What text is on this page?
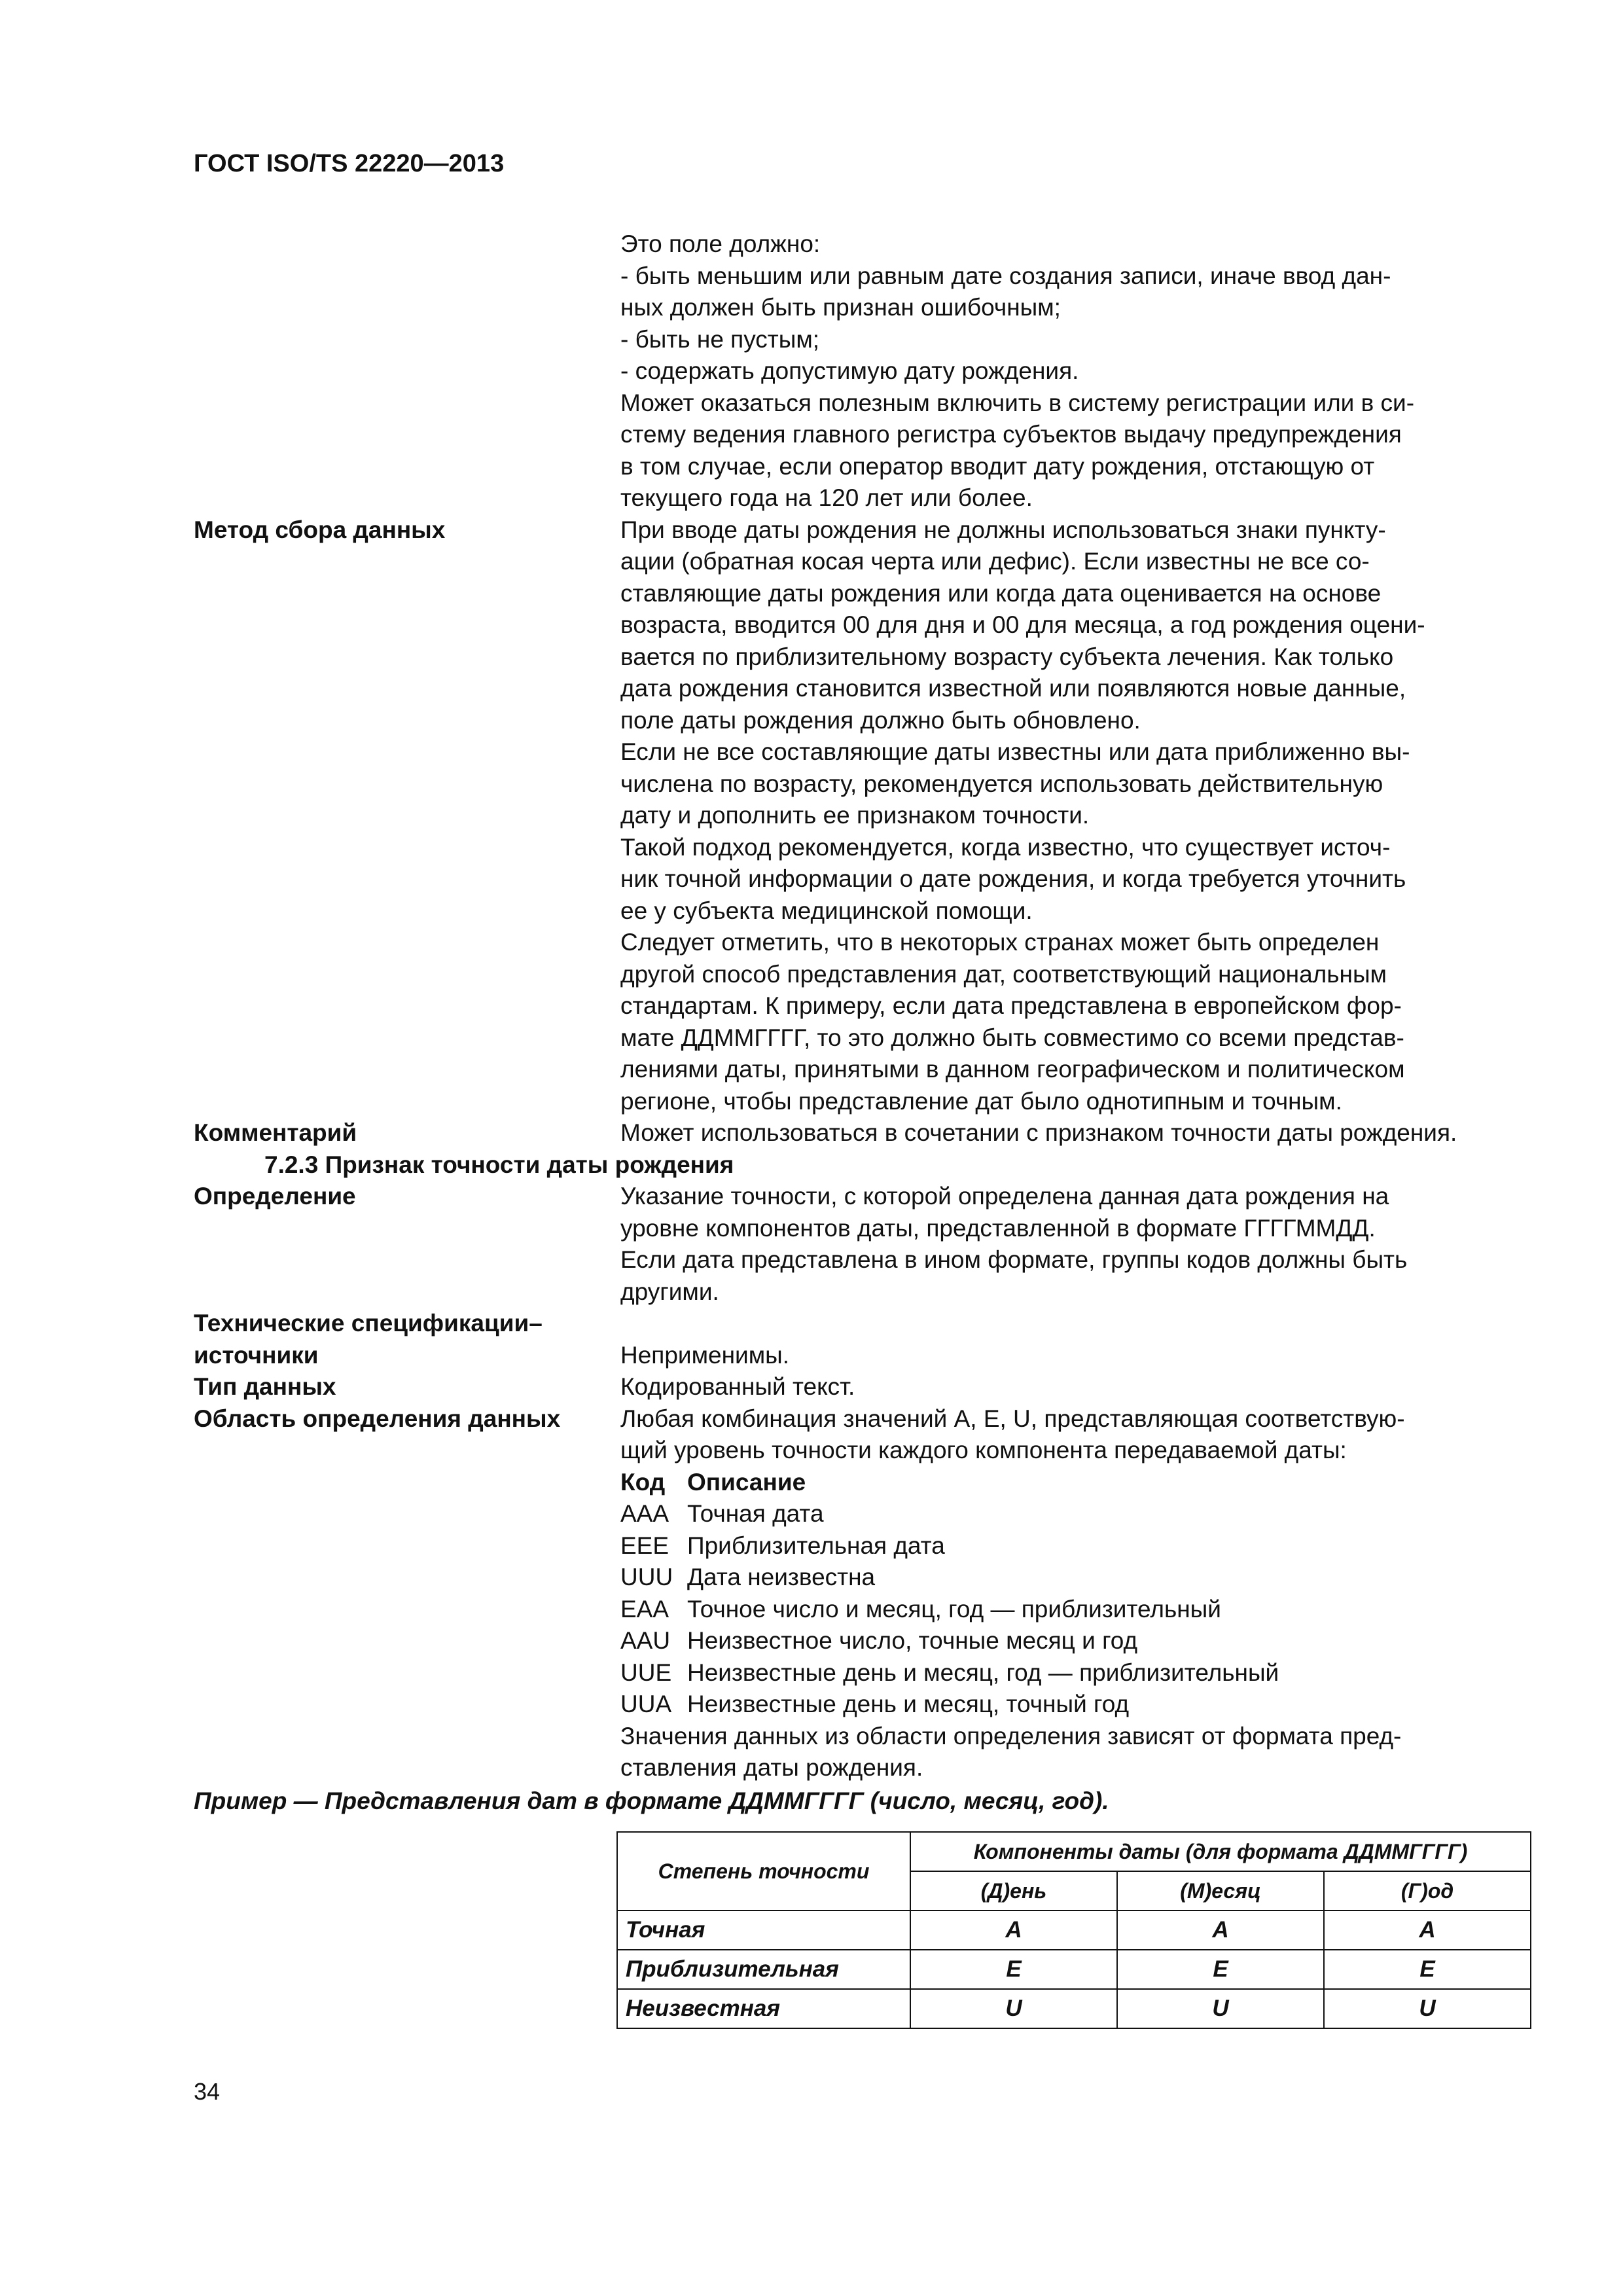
ГОСТ ISO/TS 22220—2013
Это поле должно:
- быть меньшим или равным дате создания записи, иначе ввод дан-
ных должен быть признан ошибочным;
- быть не пустым;
- содержать допустимую дату рождения.
Может оказаться полезным включить в систему регистрации или в си-
стему ведения главного регистра субъектов выдачу предупреждения
в том случае, если оператор вводит дату рождения, отстающую от
текущего года на 120 лет или более.
Метод сбора данных	При вводе даты рождения не должны использоваться знаки пункту-
ации (обратная косая черта или дефис). Если известны не все со-
ставляющие даты рождения или когда дата оценивается на основе
возраста, вводится 00 для дня и 00 для месяца, а год рождения оцени-
вается по приблизительному возрасту субъекта лечения. Как только
дата рождения становится известной или появляются новые данные,
поле даты рождения должно быть обновлено.
Если не все составляющие даты известны или дата приближенно вы-
числена по возрасту, рекомендуется использовать действительную
дату и дополнить ее признаком точности.
Такой подход рекомендуется, когда известно, что существует источ-
ник точной информации о дате рождения, и когда требуется уточнить
ее у субъекта медицинской помощи.
Следует отметить, что в некоторых странах может быть определен
другой способ представления дат, соответствующий национальным
стандартам. К примеру, если дата представлена в европейском фор-
мате ДДММГГГГ, то это должно быть совместимо со всеми представ-
лениями даты, принятыми в данном географическом и политическом
регионе, чтобы представление дат было однотипным и точным.
Комментарий	Может использоваться в сочетании с признаком точности даты рождения.
7.2.3 Признак точности даты рождения
Определение	Указание точности, с которой определена данная дата рождения на
уровне компонентов даты, представленной в формате ГГГГММДД.
Если дата представлена в ином формате, группы кодов должны быть
другими.
Технические спецификации–
источники
	Неприменимы.
Тип данных	Кодированный текст.
Область определения данных	Любая комбинация значений A, E, U, представляющая соответствую-
щий уровень точности каждого компонента передаваемой даты:
Код Описание
AAA Точная дата
EEE Приблизительная дата
UUU Дата неизвестна
EAA Точное число и месяц, год — приблизительный
AAU Неизвестное число, точные месяц и год
UUE Неизвестные день и месяц, год — приблизительный
UUA Неизвестные день и месяц, точный год
Значения данных из области определения зависят от формата пред-
ставления даты рождения.
Пример — Представления дат в формате ДДММГГГГ (число, месяц, год).
Степень точности	Компоненты даты (для формата ДДММГГГГ)		
	(Д)ень	(М)есяц	(Г)од
Точная	A	A	A
Приблизительная	E	E	E
Неизвестная	U	U	U
34
